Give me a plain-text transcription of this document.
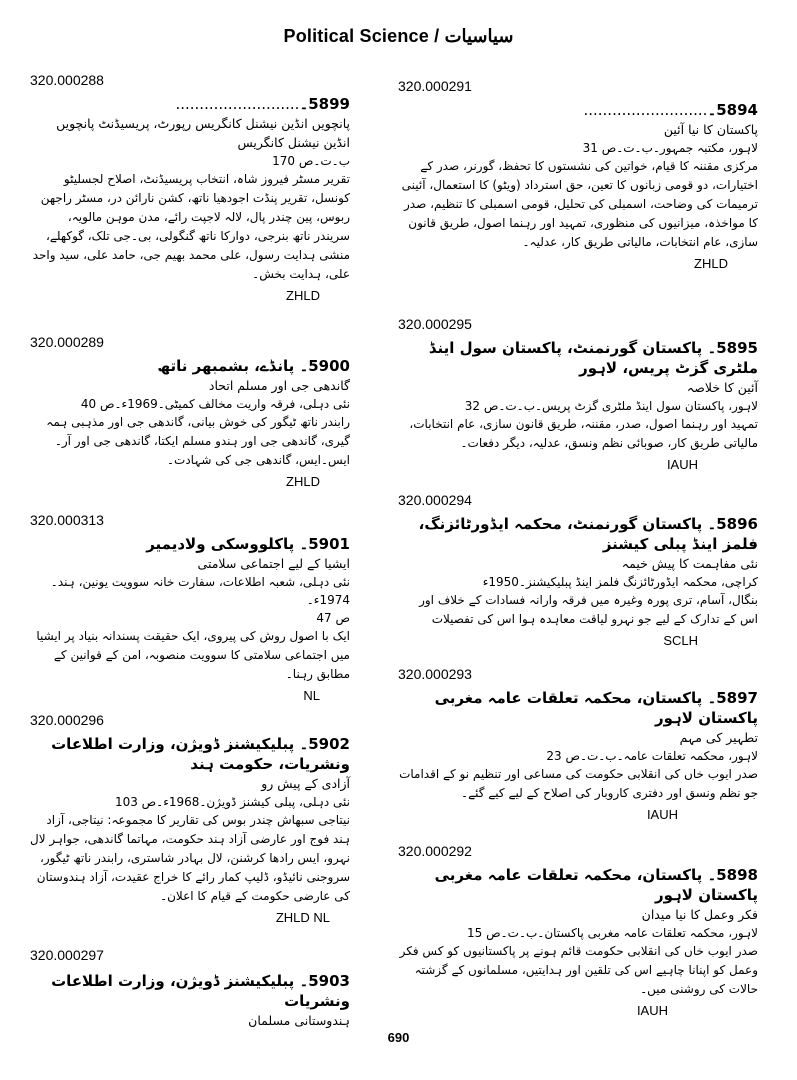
Political Science / سیاسیات
320.000291
5894۔..........................
پاکستان کا نیا آئین
لاہور، مکتبہ جمہور۔ب۔ت۔ص 31
مرکزی مقننہ کا قیام، خواتین کی نشستوں کا تحفظ، گورنر، صدر کے اختیارات، دو قومی زبانوں کا تعین، حق استرداد (ویٹو) کا استعمال، آئینی ترمیمات کی وضاحت، اسمبلی کی تحلیل، قومی اسمبلی کا تنظیم، صدر کا مواخذہ، میزانیوں کی منظوری، تمہید اور رہنما اصول، طریق قانون سازی، عام انتخابات، مالیاتی طریق کار، عدلیہ۔
ZHLD
320.000295
5895۔ پاکستان گورنمنٹ، پاکستان سول اینڈ ملٹری گزٹ پریس، لاہور
آئین کا خلاصہ
لاہور، پاکستان سول اینڈ ملٹری گزٹ پریس۔ب۔ت۔ص 32
تمہید اور رہنما اصول، صدر، مقننہ، طریق قانون سازی، عام انتخابات، مالیاتی طریق کار، صوبائی نظم ونسق، عدلیہ، دیگر دفعات۔
IAUH
320.000294
5896۔ پاکستان گورنمنٹ، محکمہ ایڈورٹائزنگ، فلمز اینڈ پبلی کیشنز
نئی مفاہمت کا پیش خیمہ
کراچی، محکمہ ایڈورٹائزنگ فلمز اینڈ پبلیکیشنز۔1950ء
بنگال، آسام، تری پورہ وغیرہ میں فرقہ وارانہ فسادات کے خلاف اور اس کے تدارک کے لیے جو نہرو لیاقت معاہدہ ہوا اس کی تفصیلات
SCLH
320.000293
5897۔ پاکستان، محکمہ تعلقات عامہ مغربی پاکستان لاہور
تطہیر کی مہم
لاہور، محکمہ تعلقات عامہ۔ب۔ت۔ص 23
صدر ایوب خاں کی انقلابی حکومت کی مساعی اور تنظیم نو کے اقدامات جو نظم ونسق اور دفتری کاروبار کی اصلاح کے لیے کیے گئے۔
IAUH
320.000292
5898۔ پاکستان، محکمہ تعلقات عامہ مغربی پاکستان لاہور
فکر وعمل کا نیا میدان
لاہور، محکمہ تعلقات عامہ مغربی پاکستان۔ب۔ت۔ص 15
صدر ایوب خاں کی انقلابی حکومت قائم ہونے پر پاکستانیوں کو کس فکر وعمل کو اپنانا چاہیے اس کی تلقین اور ہدایتیں، مسلمانوں کے گزشتہ حالات کی روشنی میں۔
IAUH
320.000288
5899۔..........................
پانچویں انڈین نیشنل کانگریس رپورٹ، پریسیڈنٹ پانچویں انڈین نیشنل کانگریس
ب۔ت۔ص 170
تقریر مسٹر فیروز شاہ، انتخاب پریسیڈنٹ، اصلاح لجسلیٹو کونسل، تقریر پنڈت اجودھیا ناتھ، کشن نارائن در، مسٹر راجھن ربوس، پین چندر پال، لالہ لاجپت رائے، مدن موہن مالویہ، سریندر ناتھ بنرجی، دوارکا ناتھ گنگولی، بی۔جی تلک، گوکھلے، منشی ہدایت رسول، علی محمد بھیم جی، حامد علی، سید واحد علی، ہدایت بخش۔
ZHLD
320.000289
5900۔ پانڈے، بشمبھر ناتھ
گاندھی جی اور مسلم اتحاد
نئی دہلی، فرقہ واریت مخالف کمیٹی۔1969ء۔ص 40
رابندر ناتھ ٹیگور کی خوش بیانی، گاندھی جی اور مذہبی ہمہ گیری، گاندھی جی اور ہندو مسلم ایکتا، گاندھی جی اور آر۔ایس۔ایس، گاندھی جی کی شہادت۔
ZHLD
320.000313
5901۔ پاکلووسکی ولادیمیر
ایشیا کے لیے اجتماعی سلامتی
نئی دہلی، شعبہ اطلاعات، سفارت خانہ سوویت یونین، ہند۔1974ء۔
ص 47
ایک با اصول روش کی پیروی، ایک حقیقت پسندانہ بنیاد پر ایشیا میں اجتماعی سلامتی کا سوویت منصوبہ، امن کے قوانین کے مطابق رہنا۔
NL
320.000296
5902۔ پبلیکیشنز ڈویژن، وزارت اطلاعات ونشریات، حکومت ہند
آزادی کے پیش رو
نئی دہلی، پبلی کیشنز ڈویژن۔1968ء۔ص 103
نیتاجی سبھاش چندر بوس کی تقاریر کا مجموعہ: نیتاجی، آزاد ہند فوج اور عارضی آزاد ہند حکومت، مہاتما گاندھی، جواہر لال نہرو، ایس رادھا کرشنن، لال بہادر شاستری، رابندر ناتھ ٹیگور، سروجنی نائیڈو، ڈلیپ کمار رائے کا خراج عقیدت، آزاد ہندوستان کی عارضی حکومت کے قیام کا اعلان۔
ZHLD NL
320.000297
5903۔ پبلیکیشنز ڈویژن، وزارت اطلاعات ونشریات
ہندوستانی مسلمان
690
